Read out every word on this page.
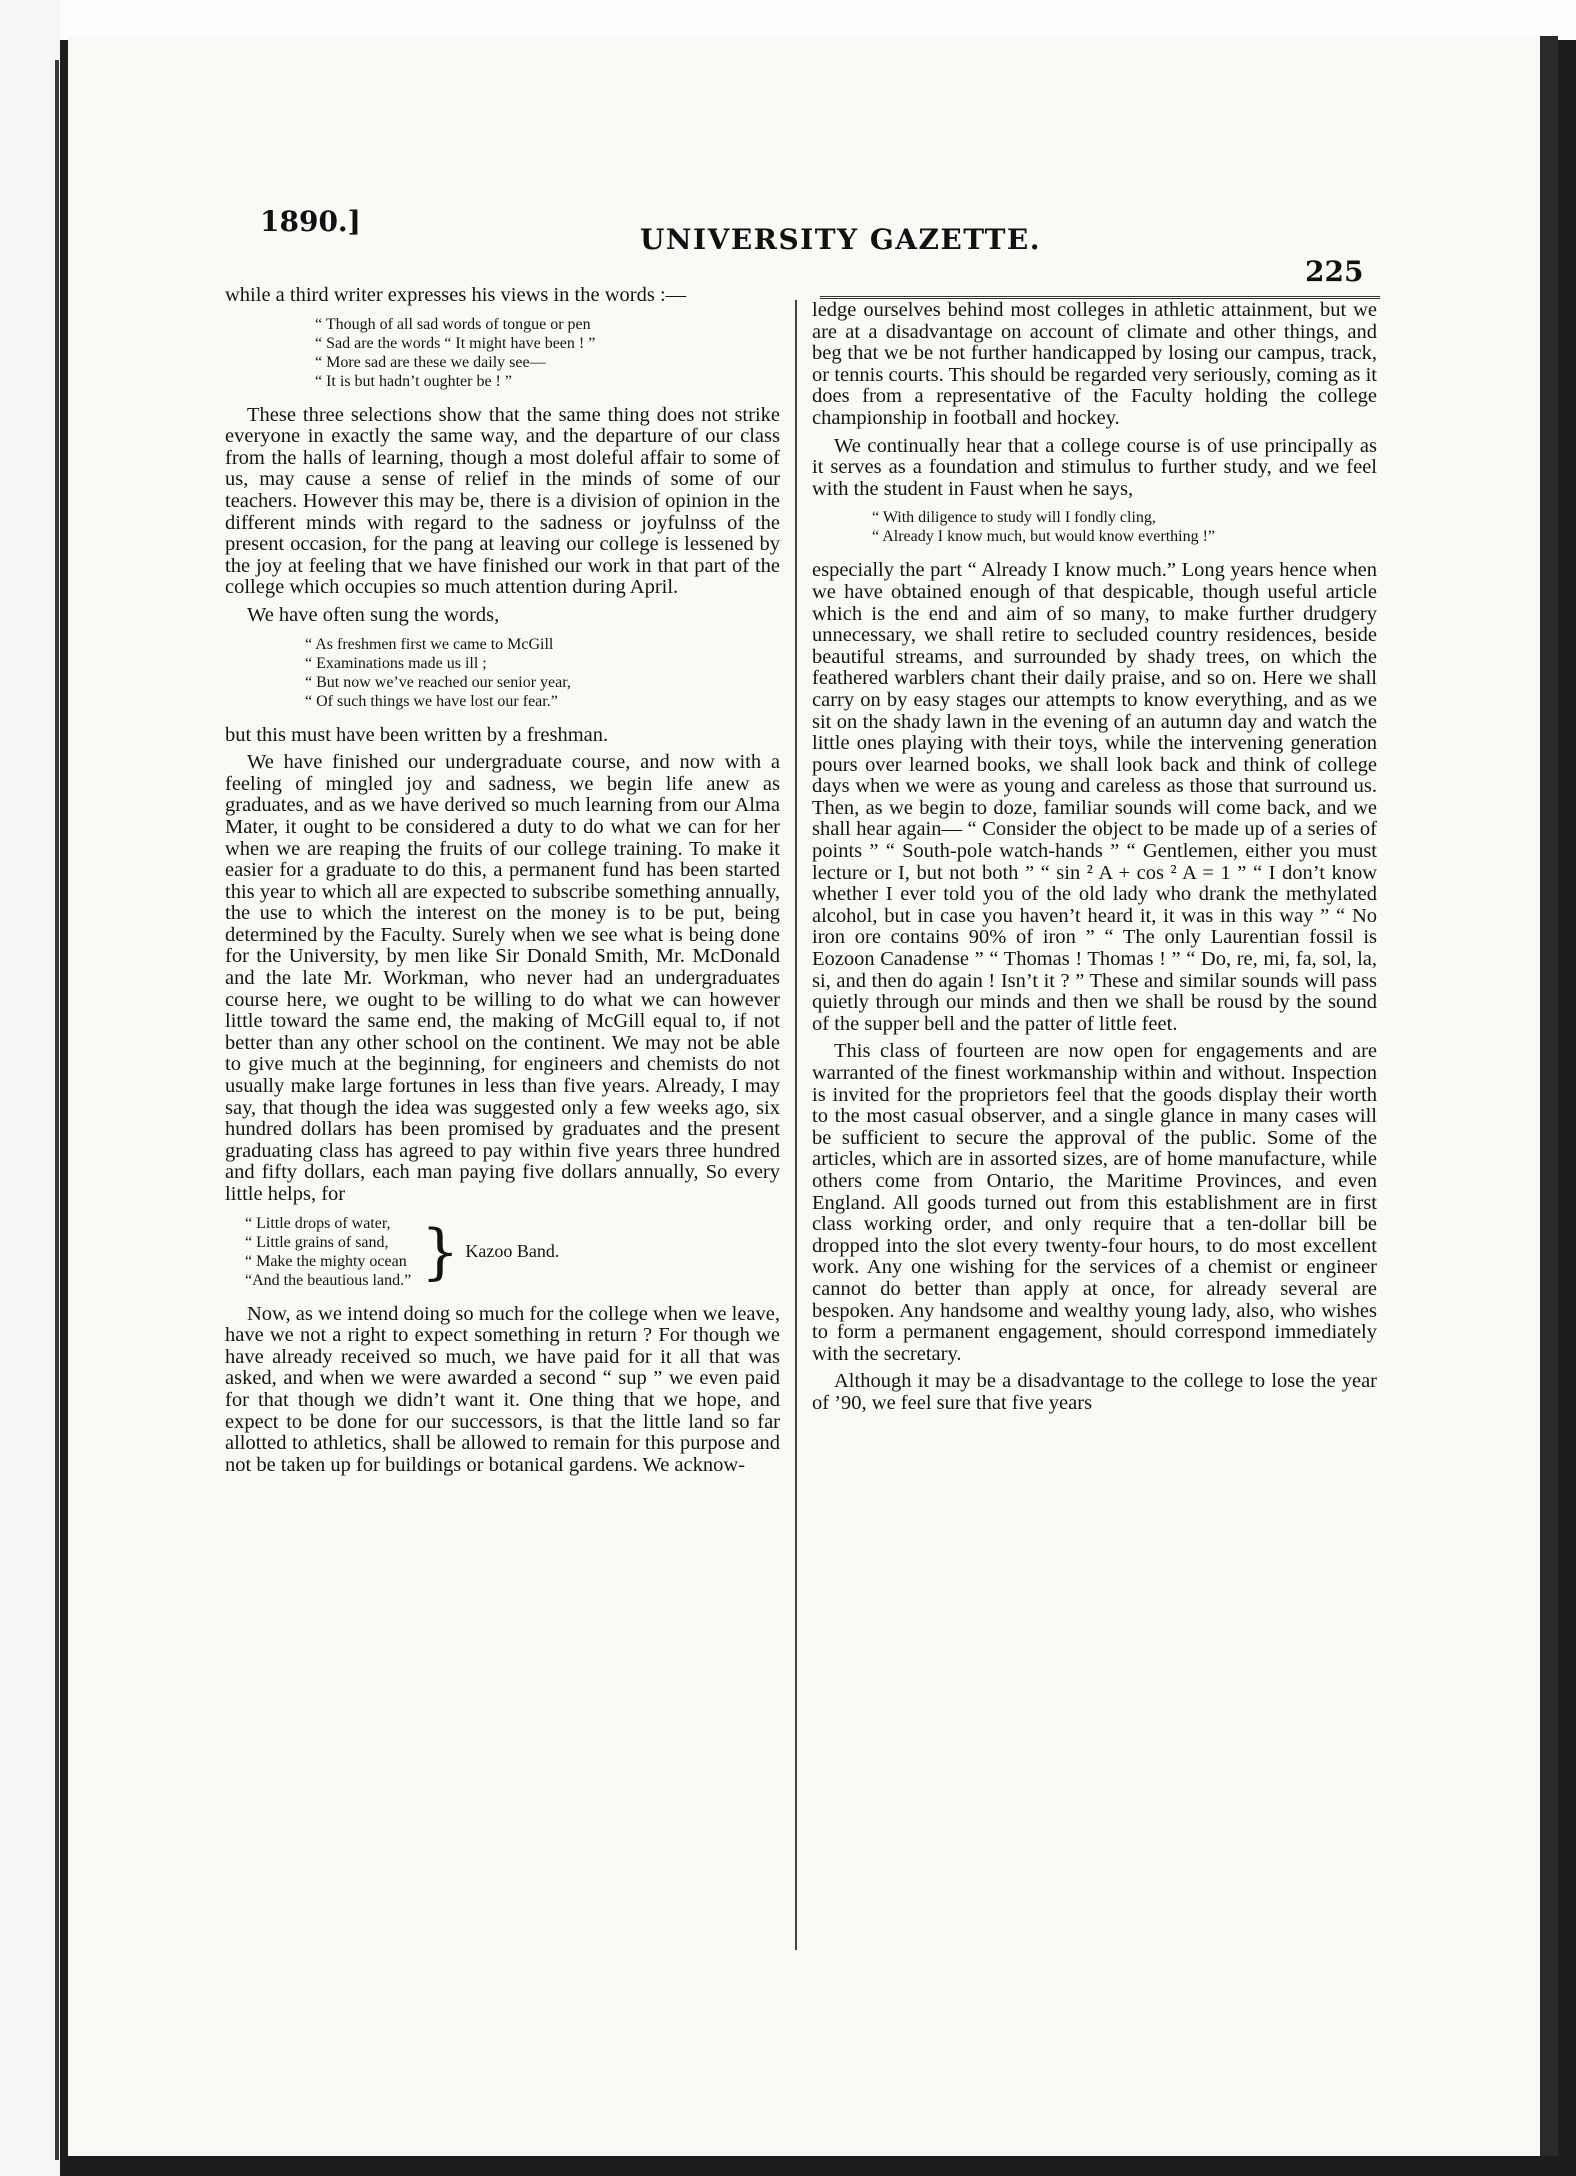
1890.]
UNIVERSITY GAZETTE.
225

while a third writer expresses his views in the words :—

“ Though of all sad words of tongue or pen
“ Sad are the words “ It might have been ! ”
“ More sad are these we daily see—
“ It is but hadn’t oughter be ! ”

These three selections show that the same thing does not strike everyone in exactly the same way, and the departure of our class from the halls of learning, though a most doleful affair to some of us, may cause a sense of relief in the minds of some of our teachers. However this may be, there is a division of opinion in the different minds with regard to the sadness or joyfulnss of the present occasion, for the pang at leaving our college is lessened by the joy at feeling that we have finished our work in that part of the college which occupies so much attention during April.

We have often sung the words,

“ As freshmen first we came to McGill
“ Examinations made us ill ;
“ But now we’ve reached our senior year,
“ Of such things we have lost our fear.”

but this must have been written by a freshman.

We have finished our undergraduate course, and now with a feeling of mingled joy and sadness, we begin life anew as graduates, and as we have derived so much learning from our Alma Mater, it ought to be considered a duty to do what we can for her when we are reaping the fruits of our college training. To make it easier for a graduate to do this, a permanent fund has been started this year to which all are expected to subscribe something annually, the use to which the interest on the money is to be put, being determined by the Faculty. Surely when we see what is being done for the University, by men like Sir Donald Smith, Mr. McDonald and the late Mr. Workman, who never had an undergraduates course here, we ought to be willing to do what we can however little toward the same end, the making of McGill equal to, if not better than any other school on the continent. We may not be able to give much at the beginning, for engineers and chemists do not usually make large fortunes in less than five years. Already, I may say, that though the idea was suggested only a few weeks ago, six hundred dollars has been promised by graduates and the present graduating class has agreed to pay within five years three hundred and fifty dollars, each man paying five dollars annually, So every little helps, for

“ Little drops of water,
“ Little grains of sand,
“ Make the mighty ocean
“And the beautious land.” } Kazoo Band.

Now, as we intend doing so much for the college when we leave, have we not a right to expect something in return ? For though we have already received so much, we have paid for it all that was asked, and when we were awarded a second “ sup ” we even paid for that though we didn’t want it. One thing that we hope, and expect to be done for our successors, is that the little land so far allotted to athletics, shall be allowed to remain for this purpose and not be taken up for buildings or botanical gardens. We acknow-

ledge ourselves behind most colleges in athletic attainment, but we are at a disadvantage on account of climate and other things, and beg that we be not further handicapped by losing our campus, track, or tennis courts. This should be regarded very seriously, coming as it does from a representative of the Faculty holding the college championship in football and hockey.

We continually hear that a college course is of use principally as it serves as a foundation and stimulus to further study, and we feel with the student in Faust when he says,

“ With diligence to study will I fondly cling,
“ Already I know much, but would know everthing !”

especially the part “ Already I know much.” Long years hence when we have obtained enough of that despicable, though useful article which is the end and aim of so many, to make further drudgery unnecessary, we shall retire to secluded country residences, beside beautiful streams, and surrounded by shady trees, on which the feathered warblers chant their daily praise, and so on. Here we shall carry on by easy stages our attempts to know everything, and as we sit on the shady lawn in the evening of an autumn day and watch the little ones playing with their toys, while the intervening generation pours over learned books, we shall look back and think of college days when we were as young and careless as those that surround us. Then, as we begin to doze, familiar sounds will come back, and we shall hear again— “ Consider the object to be made up of a series of points ” “ South-pole watch-hands ” “ Gentlemen, either you must lecture or I, but not both ” “ sin ² A + cos ² A = 1 ” “ I don’t know whether I ever told you of the old lady who drank the methylated alcohol, but in case you haven’t heard it, it was in this way ” “ No iron ore contains 90% of iron ” “ The only Laurentian fossil is Eozoon Canadense ” “ Thomas ! Thomas ! ” “ Do, re, mi, fa, sol, la, si, and then do again ! Isn’t it ? ” These and similar sounds will pass quietly through our minds and then we shall be rousd by the sound of the supper bell and the patter of little feet.

This class of fourteen are now open for engagements and are warranted of the finest workmanship within and without. Inspection is invited for the proprietors feel that the goods display their worth to the most casual observer, and a single glance in many cases will be sufficient to secure the approval of the public. Some of the articles, which are in assorted sizes, are of home manufacture, while others come from Ontario, the Maritime Provinces, and even England. All goods turned out from this establishment are in first class working order, and only require that a ten-dollar bill be dropped into the slot every twenty-four hours, to do most excellent work. Any one wishing for the services of a chemist or engineer cannot do better than apply at once, for already several are bespoken. Any handsome and wealthy young lady, also, who wishes to form a permanent engagement, should correspond immediately with the secretary.

Although it may be a disadvantage to the college to lose the year of ’90, we feel sure that five years
